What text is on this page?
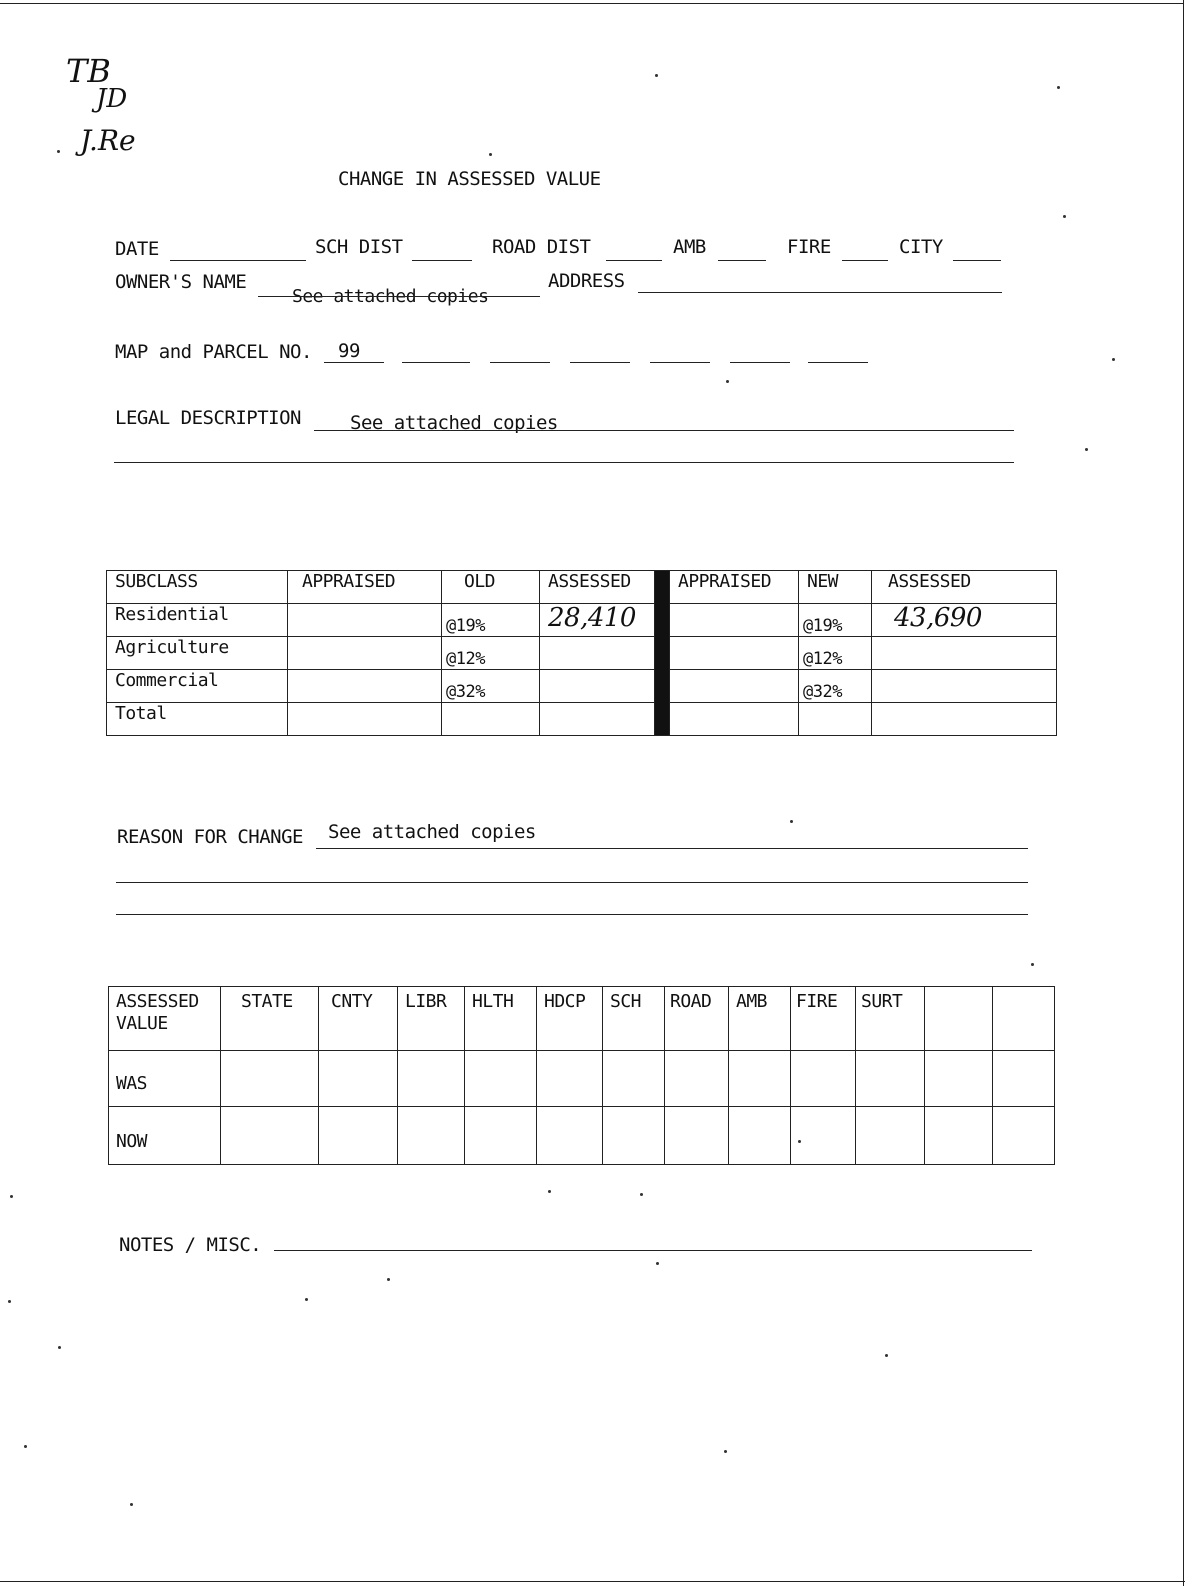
TB
JD
J.Re
CHANGE IN ASSESSED VALUE
DATE	SCH DIST	ROAD DIST	AMB	FIRE	CITY
OWNER'S NAME
See attached copies
ADDRESS
MAP and PARCEL NO. 99
LEGAL DESCRIPTION	See attached copies
SUBCLASS	APPRAISED	OLD	ASSESSED		APPRAISED	NEW	ASSESSED
Residential		@19%	28,410			@19%	43,690
Agriculture		@12%				@12%	
Commercial		@32%				@32%	
Total							
REASON FOR CHANGE See attached copies
ASSESSED
VALUE	STATE	CNTY	LIBR	HLTH	HDCP	SCH	ROAD	AMB	FIRE	SURT		
WAS												
NOW												
NOTES / MISC.
